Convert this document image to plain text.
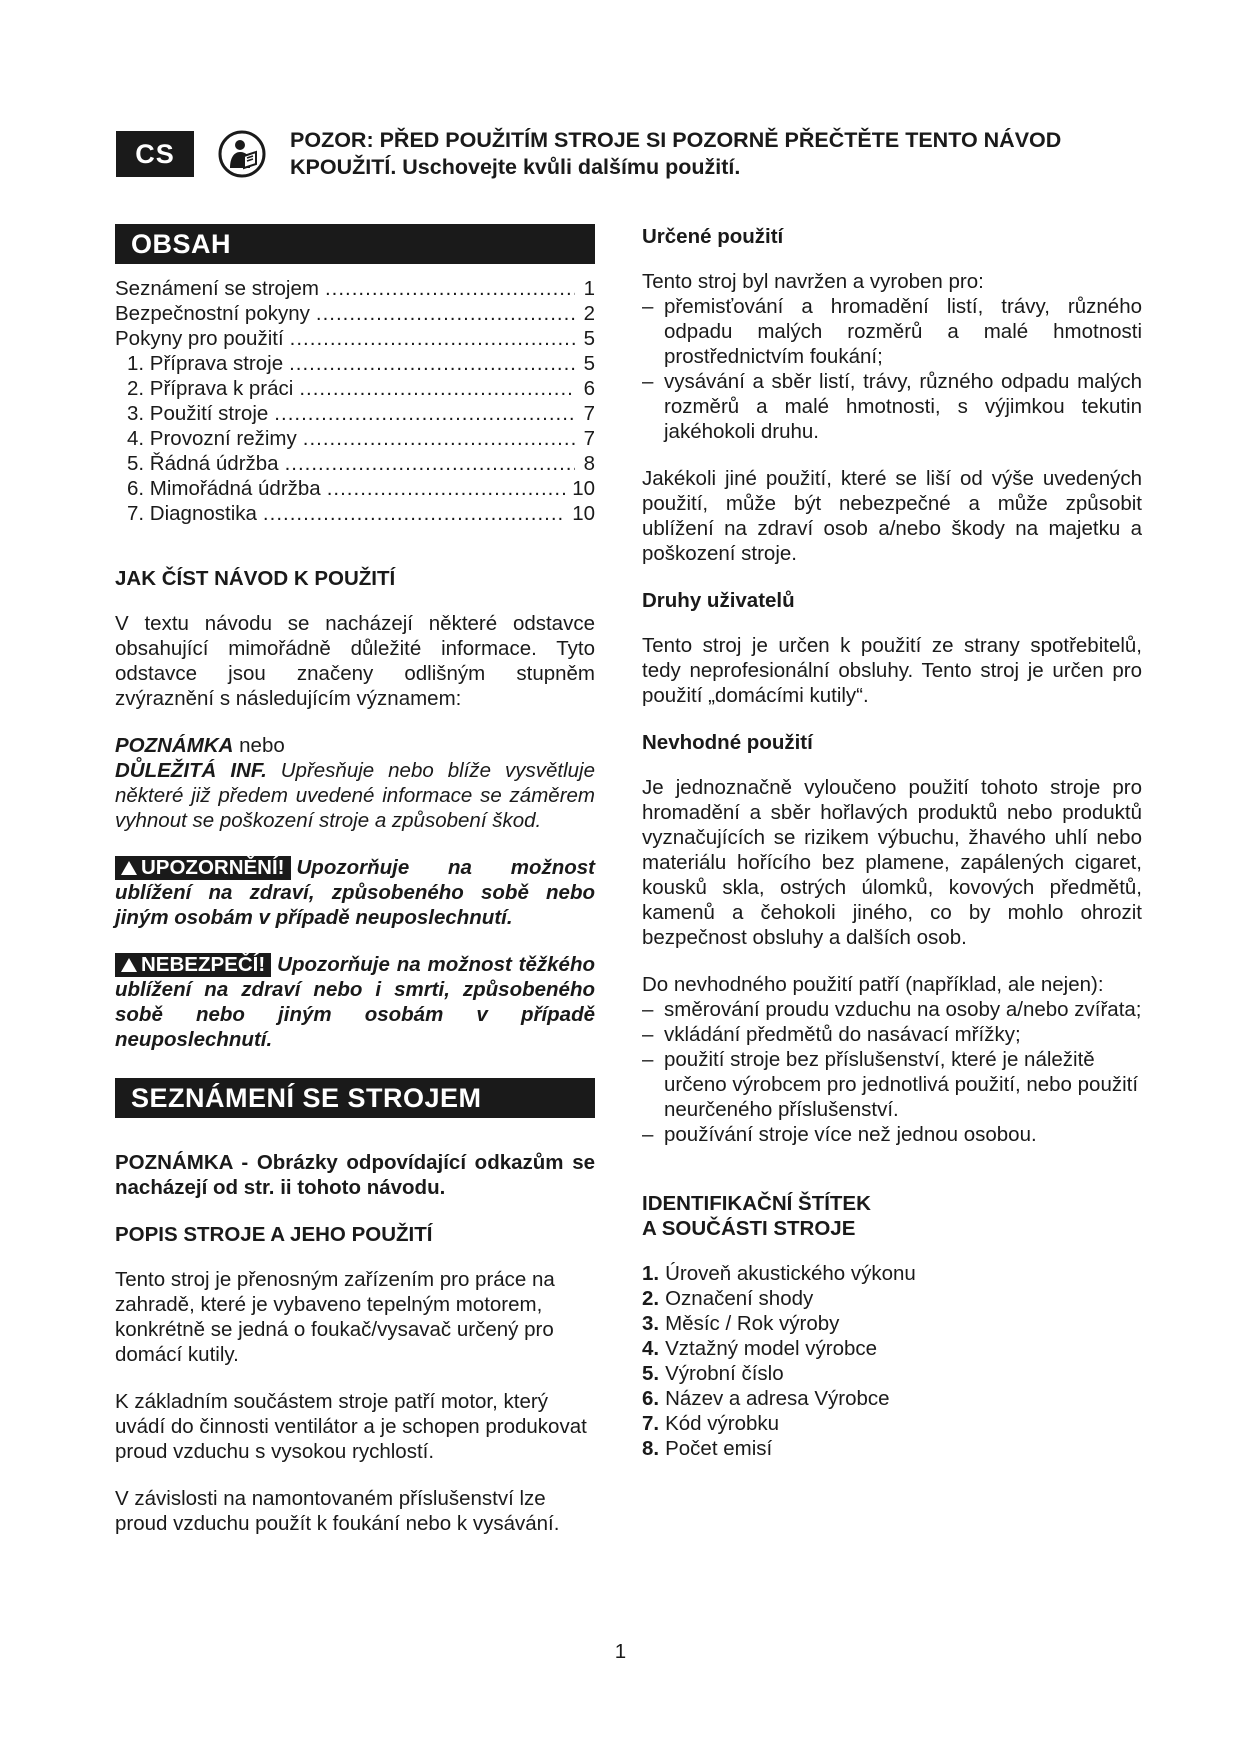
CS	POZOR: PŘED POUŽITÍM STROJE SI POZORNĚ PŘEČTĚTE TENTO NÁVOD
KPOUŽITÍ. Uschovejte kvůli dalšímu použití.
OBSAH
Seznámení se strojem .....	1
Bezpečnostní pokyny .....	2
Pokyny pro použití .....	5
1. Příprava stroje .....	5
2. Příprava k práci .....	6
3. Použití stroje .....	7
4. Provozní režimy .....	7
5. Řádná údržba .....	8
6. Mimořádná údržba .....	10
7. Diagnostika .....	10

JAK ČÍST NÁVOD K POUŽITÍ

V textu návodu se nacházejí některé odstavce obsahující mimořádně důležité informace. Tyto odstavce jsou značeny odlišným stupněm zvýraznění s následujícím významem:

POZNÁMKA nebo

DŮLEŽITÁ INF. Upřesňuje nebo blíže vysvětluje některé již předem uvedené informace se záměrem vyhnout se poškození stroje a způsobení škod.

UPOZORNĚNÍ! Upozorňuje na možnost ublížení na zdraví, způsobeného sobě nebo jiným osobám v případě neuposlechnutí.

NEBEZPEČÍ! Upozorňuje na možnost těžkého ublížení na zdraví nebo i smrti, způsobeného sobě nebo jiným osobám v případě neuposlechnutí.

SEZNÁMENÍ SE STROJEM

POZNÁMKA - Obrázky odpovídající odkazům se nacházejí od str. ii tohoto návodu.

POPIS STROJE A JEHO POUŽITÍ

Tento stroj je přenosným zařízením pro práce na zahradě, které je vybaveno tepelným motorem, konkrétně se jedná o foukač/vysavač určený pro domácí kutily.

K základním součástem stroje patří motor, který uvádí do činnosti ventilátor a je schopen produkovat proud vzduchu s vysokou rychlostí.

V závislosti na namontovaném příslušenství lze proud vzduchu použít k foukání nebo k vysávání.

Určené použití

Tento stroj byl navržen a vyroben pro:

– přemisťování a hromadění listí, trávy, různého odpadu malých rozměrů a malé hmotnosti prostřednictvím foukání;
– vysávání a sběr listí, trávy, různého odpadu malých rozměrů a malé hmotnosti, s výjimkou tekutin jakéhokoli druhu.

Jakékoli jiné použití, které se liší od výše uvedených použití, může být nebezpečné a může způsobit ublížení na zdraví osob a/nebo škody na majetku a poškození stroje.

Druhy uživatelů

Tento stroj je určen k použití ze strany spotřebitelů, tedy neprofesionální obsluhy. Tento stroj je určen pro použití „domácími kutily“.

Nevhodné použití

Je jednoznačně vyloučeno použití tohoto stroje pro hromadění a sběr hořlavých produktů nebo produktů vyznačujících se rizikem výbuchu, žhavého uhlí nebo materiálu hořícího bez plamene, zapálených cigaret, kousků skla, ostrých úlomků, kovových předmětů, kamenů a čehokoli jiného, co by mohlo ohrozit bezpečnost obsluhy a dalších osob.

Do nevhodného použití patří (například, ale nejen):

– směrování proudu vzduchu na osoby a/nebo zvířata;
– vkládání předmětů do nasávací mřížky;
– použití stroje bez příslušenství, které je náležitě určeno výrobcem pro jednotlivá použití, nebo použití neurčeného příslušenství.
– používání stroje více než jednou osobou.

IDENTIFIKAČNÍ ŠTÍTEK

A SOUČÁSTI STROJE

1. Úroveň akustického výkonu
2. Označení shody
3. Měsíc / Rok výroby
4. Vztažný model výrobce
5. Výrobní číslo
6. Název a adresa Výrobce
7. Kód výrobku
8. Počet emisí
1
